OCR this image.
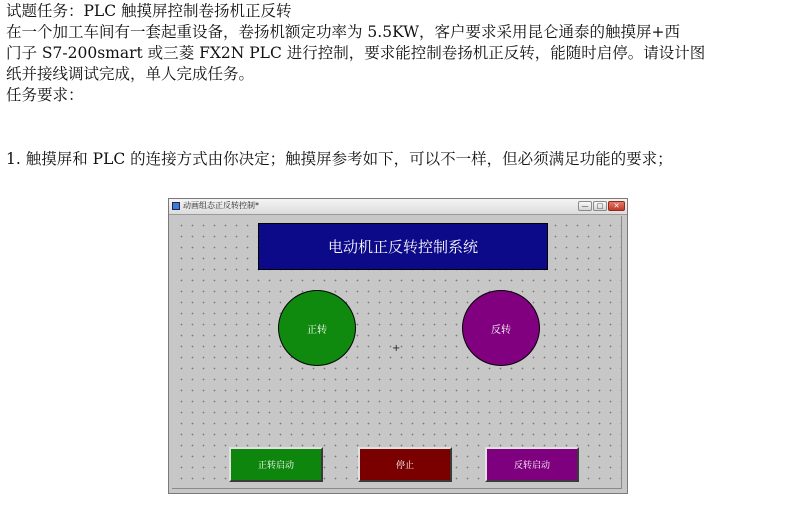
试题任务：PLC 触摸屏控制卷扬机正反转

在一个加工车间有一套起重设备，卷扬机额定功率为 5.5KW，客户要求采用昆仑通泰的触摸屏+西

门子 S7-200smart 或三菱 FX2N PLC 进行控制，要求能控制卷扬机正反转，能随时启停。请设计图

纸并接线调试完成，单人完成任务。

任务要求：

1. 触摸屏和 PLC 的连接方式由你决定；触摸屏参考如下，可以不一样，但必须满足功能的要求；
动画组态正反转控制*	—	□	✕
电动机正反转控制系统
正转	反转
+
正转启动	停止	反转启动
